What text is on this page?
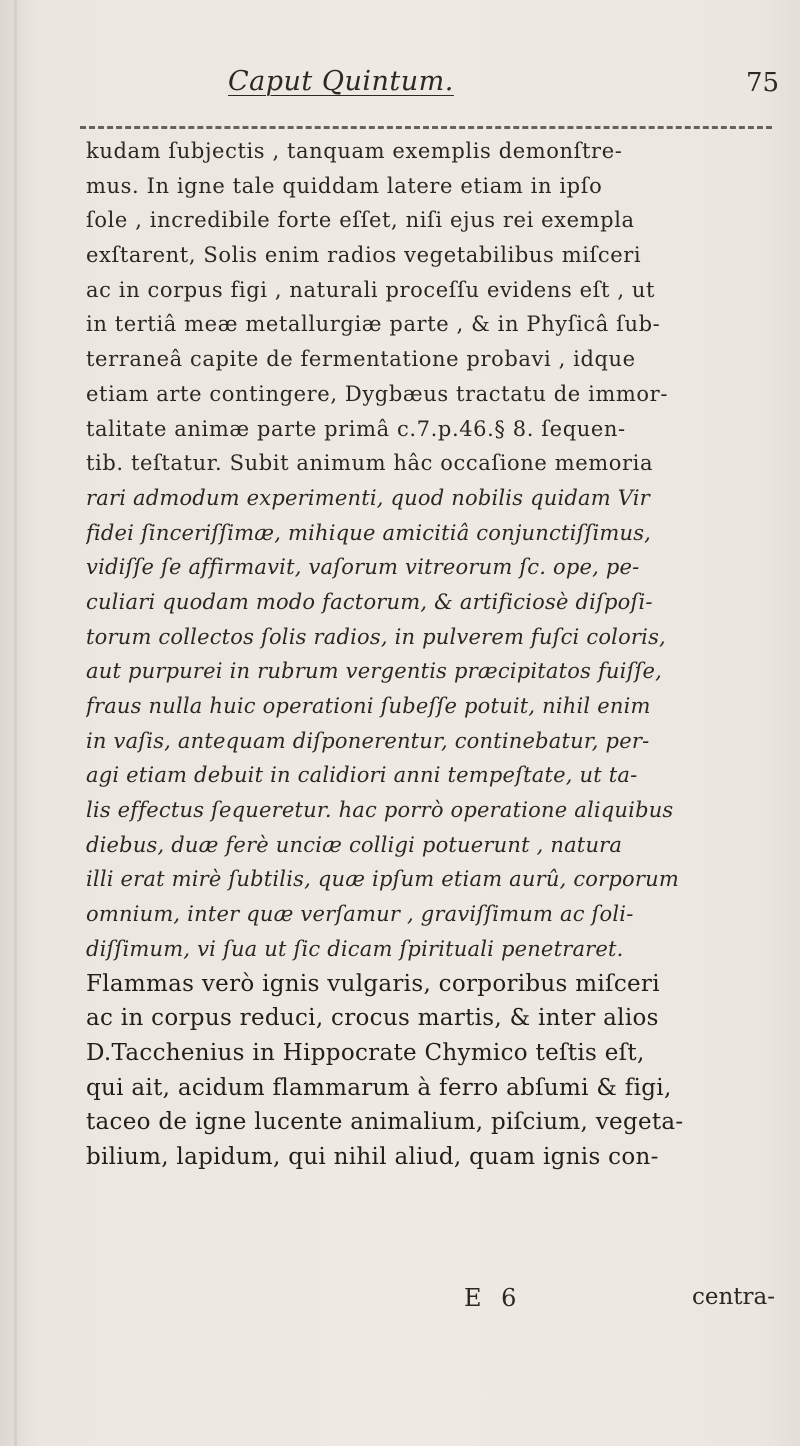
Caput Quintum.	75
kudam ſubjectis , tanquam exemplis demonſtre-
mus. In igne tale quiddam latere etiam in ipſo
ſole , incredibile forte eſſet, niſi ejus rei exempla
exſtarent, Solis enim radios vegetabilibus miſceri
ac in corpus figi , naturali proceſſu evidens eſt , ut
in tertiâ meæ metallurgiæ parte , & in Phyſicâ ſub-
terraneâ capite de fermentatione probavi , idque
etiam arte contingere, Dygbæus tractatu de immor-
talitate animæ parte primâ c.7.p.46.§ 8. ſequen-
tib. teſtatur. Subit animum hâc occaſione memoria
rari admodum experimenti, quod nobilis quidam Vir
fidei ſinceriſſimæ, mihique amicitiâ conjunctiſſimus,
vidiſſe ſe affirmavit, vaſorum vitreorum ſc. ope, pe-
culiari quodam modo factorum, & artificiosè diſpoſi-
torum collectos ſolis radios, in pulverem fuſci coloris,
aut purpurei in rubrum vergentis præcipitatos fuiſſe,
fraus nulla huic operationi ſubeſſe potuit, nihil enim
in vaſis, antequam diſponerentur, continebatur, per-
agi etiam debuit in calidiori anni tempeſtate, ut ta-
lis effectus ſequeretur. hac porrò operatione aliquibus
diebus, duæ ferè unciæ colligi potuerunt , natura
illi erat mirè ſubtilis, quæ ipſum etiam aurû, corporum
omnium, inter quæ verſamur , graviſſimum ac ſoli-
diſſimum, vi ſua ut ſic dicam ſpirituali penetraret.
Flammas verò ignis vulgaris, corporibus miſceri
ac in corpus reduci, crocus martis, & inter alios
D.Tacchenius in Hippocrate Chymico teſtis eſt,
qui ait, acidum flammarum à ferro abſumi & figi,
taceo de igne lucente animalium, piſcium, vegeta-
bilium, lapidum, qui nihil aliud, quam ignis con-
E 6	centra-
